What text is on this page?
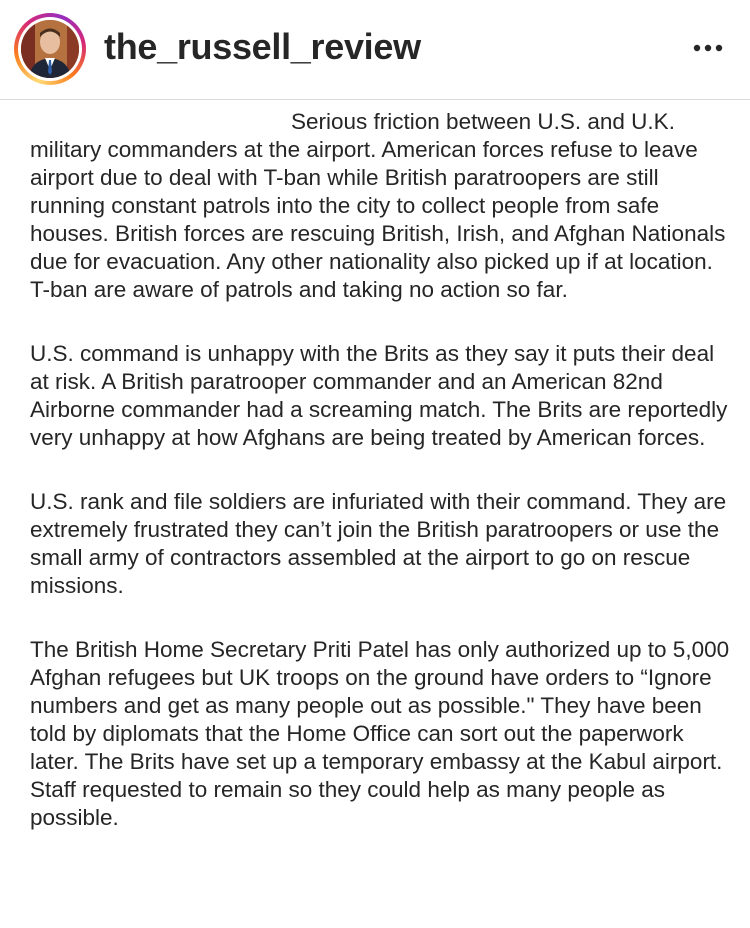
the_russell_review

Serious friction between U.S. and U.K. military commanders at the airport. American forces refuse to leave airport due to deal with T-ban while British paratroopers are still running constant patrols into the city to collect people from safe houses. British forces are rescuing British, Irish, and Afghan Nationals due for evacuation. Any other nationality also picked up if at location. T-ban are aware of patrols and taking no action so far.

U.S. command is unhappy with the Brits as they say it puts their deal at risk. A British paratrooper commander and an American 82nd Airborne commander had a screaming match. The Brits are reportedly very unhappy at how Afghans are being treated by American forces.

U.S. rank and file soldiers are infuriated with their command. They are extremely frustrated they can’t join the British paratroopers or use the small army of contractors assembled at the airport to go on rescue missions.

The British Home Secretary Priti Patel has only authorized up to 5,000 Afghan refugees but UK troops on the ground have orders to “Ignore numbers and get as many people out as possible." They have been told by diplomats that the Home Office can sort out the paperwork later. The Brits have set up a temporary embassy at the Kabul airport. Staff requested to remain so they could help as many people as possible.
